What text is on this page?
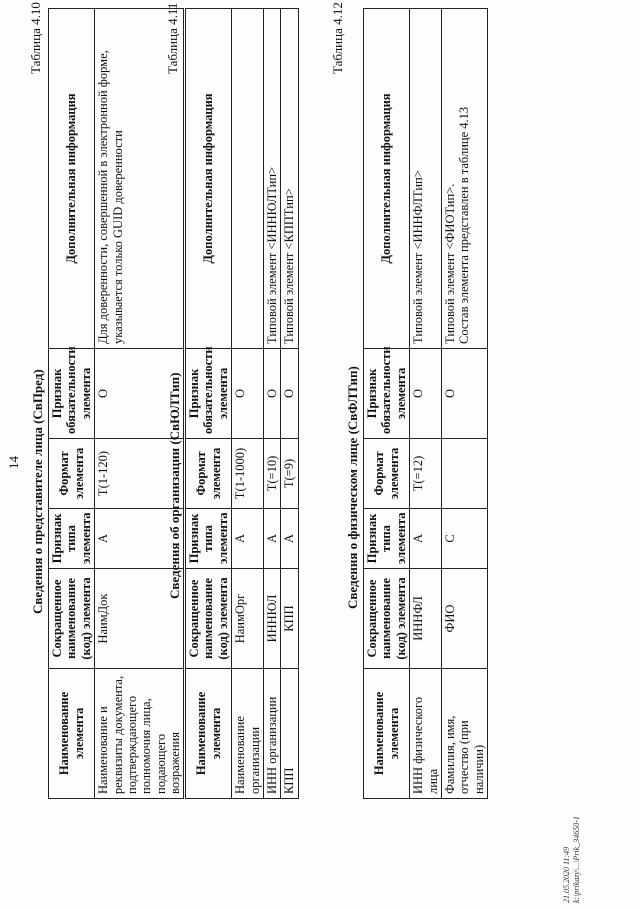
14
Таблица 4.10
Сведения о представителе лица (СвПред)
Наименование элемента	Сокращенное наименование (код) элемента	Признак типа элемента	Формат элемента	Признак обязательности элемента	Дополнительная информация
Наименование и реквизиты документа, подтверждающего полномочия лица, подающего возражения	НаимДок	А	Т(1-120)	О	Для доверенности, совершенной в электронной форме, указывается только GUID доверенности
Таблица 4.11
Сведения об организации (СвЮЛТип)
Наименование элемента	Сокращенное наименование (код) элемента	Признак типа элемента	Формат элемента	Признак обязательности элемента	Дополнительная информация
Наименование организации	НаимОрг	А	Т(1-1000)	О	
ИНН организации	ИННЮЛ	А	Т(=10)	О	Типовой элемент <ИННЮЛТип>
КПП	КПП	А	Т(=9)	О	Типовой элемент <КППТип>
Таблица 4.12
Сведения о физическом лице (СвФЛТип)
Наименование элемента	Сокращенное наименование (код) элемента	Признак типа элемента	Формат элемента	Признак обязательности элемента	Дополнительная информация
ИНН физического лица	ИННФЛ	А	Т(=12)	О	Типовой элемент <ИННФЛТип>
Фамилия, имя, отчество (при наличии)	ФИО	С		О	Типовой элемент <ФИОТип>.
Состав элемента представлен в таблице 4.13
21.05.2020 11:49 k:\prikazy\...\Prik_34650-1
